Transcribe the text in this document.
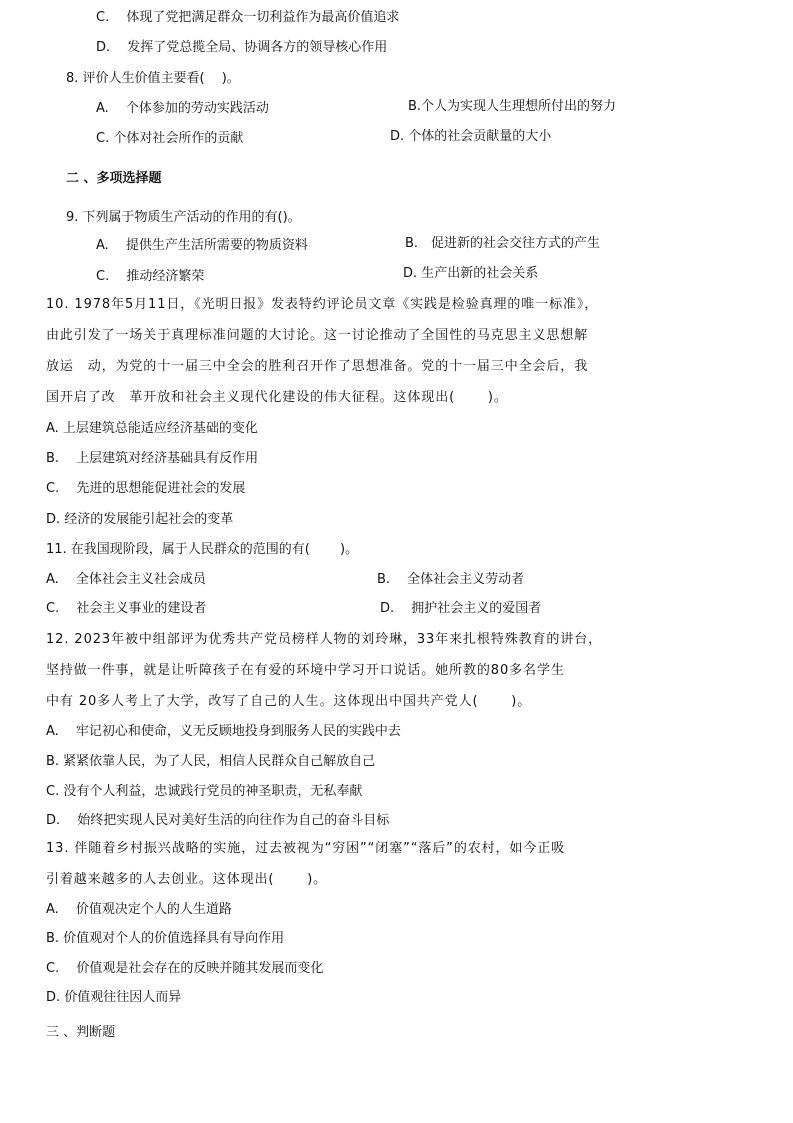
C.　 体现了党把满足群众一切利益作为最高价值追求
D.　 发挥了党总揽全局、协调各方的领导核心作用
8. 评价人生价值主要看(　 )。
A.　 个体参加的劳动实践活动	B.个人为实现人生理想所付出的努力
C. 个体对社会所作的贡献	D. 个体的社会贡献量的大小
二 、多项选择题
9. 下列属于物质生产活动的作用的有()。
A.　 提供生产生活所需要的物质资料	B.　促进新的社会交往方式的产生
C.　 推动经济繁荣	D. 生产出新的社会关系
10. 1978年5月11日，《光明日报》发表特约评论员文章《实践是检验真理的唯一标准》，
由此引发了一场关于真理标准问题的大讨论。这一讨论推动了全国性的马克思主义思想解
放运　动，为党的十一届三中全会的胜利召开作了思想准备。党的十一届三中全会后，我
国开启了改　革开放和社会主义现代化建设的伟大征程。这体现出(　　 )。
A. 上层建筑总能适应经济基础的变化
B.　 上层建筑对经济基础具有反作用
C.　 先进的思想能促进社会的发展
D. 经济的发展能引起社会的变革
11. 在我国现阶段，属于人民群众的范围的有(　　 )。
A.　 全体社会主义社会成员	B.　 全体社会主义劳动者
C.　 社会主义事业的建设者	D.　 拥护社会主义的爱国者
12. 2023年被中组部评为优秀共产党员榜样人物的刘玲琳，33年来扎根特殊教育的讲台，
坚持做一件事，就是让听障孩子在有爱的环境中学习开口说话。她所教的80多名学生
中有 20多人考上了大学，改写了自己的人生。这体现出中国共产党人(　　 )。
A.　 牢记初心和使命，义无反顾地投身到服务人民的实践中去
B. 紧紧依靠人民，为了人民，相信人民群众自己解放自己
C. 没有个人利益，忠诚践行党员的神圣职责，无私奉献
D.　 始终把实现人民对美好生活的向往作为自己的奋斗目标
13. 伴随着乡村振兴战略的实施，过去被视为“穷困”“闭塞”“落后”的农村，如今正吸
引着越来越多的人去创业。这体现出(　　 )。
A.　 价值观决定个人的人生道路
B. 价值观对个人的价值选择具有导向作用
C.　 价值观是社会存在的反映并随其发展而变化
D. 价值观往往因人而异
三 、判断题
